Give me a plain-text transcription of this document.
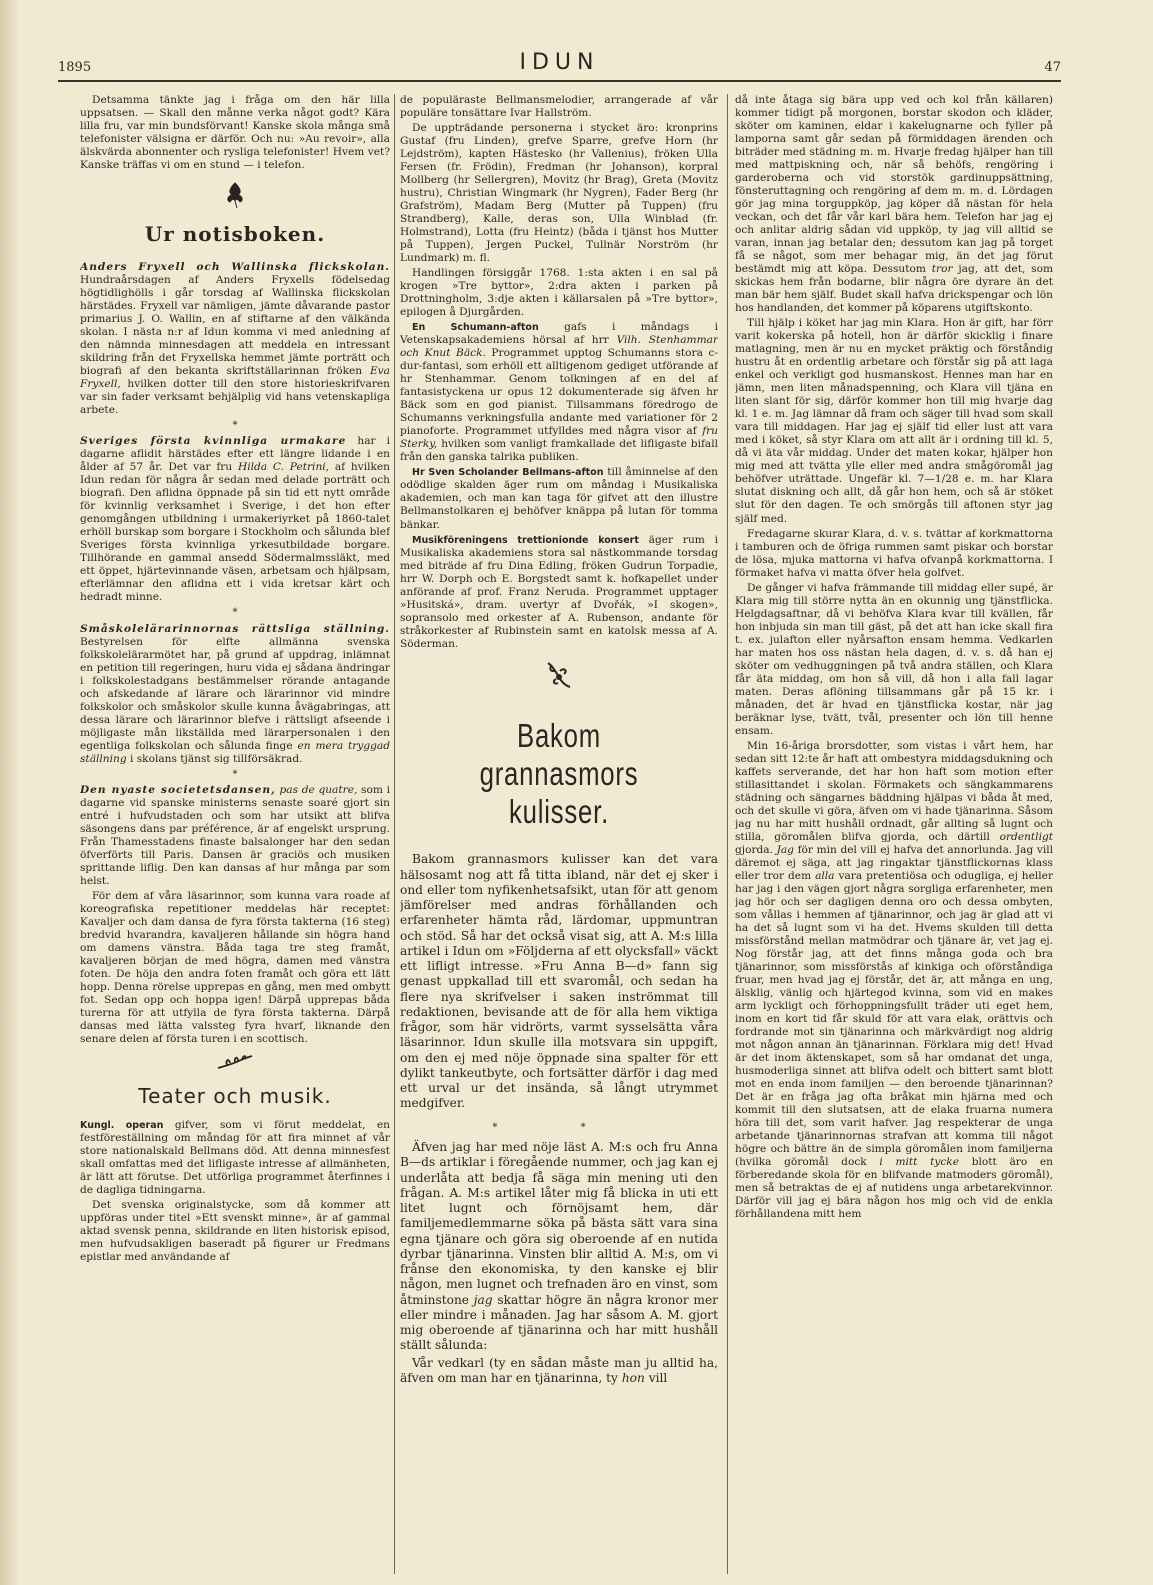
1895	IDUN	47

Detsamma tänkte jag i fråga om den här lilla uppsatsen. — Skall den månne verka något godt? Kära lilla fru, var min bundsförvant! Kanske skola många små telefonister välsigna er därför. Och nu: »Au revoir», alla älskvärda abonnenter och rysliga telefonister! Hvem vet? Kanske träffas vi om en stund — i telefon.

Ur notisboken.

Anders Fryxell och Wallinska flickskolan. Hundraårsdagen af Anders Fryxells födelsedag högtidlighölls i går torsdag af Wallinska flickskolan härstädes. Fryxell var nämligen, jämte dåvarande pastor primarius J. O. Wallin, en af stiftarne af den välkända skolan. I nästa n:r af Idun komma vi med anledning af den nämnda minnesdagen att meddela en intressant skildring från det Fryxellska hemmet jämte porträtt och biografi af den bekanta skriftställarinnan fröken Eva Fryxell, hvilken dotter till den store historieskrifvaren var sin fader verksamt behjälplig vid hans vetenskapliga arbete.

*

Sveriges första kvinnliga urmakare har i dagarne aflidit härstädes efter ett längre lidande i en ålder af 57 år. Det var fru Hilda C. Petrini, af hvilken Idun redan för några år sedan med delade porträtt och biografi. Den aflidna öppnade på sin tid ett nytt område för kvinnlig verksamhet i Sverige, i det hon efter genomgången utbildning i urmakeriyrket på 1860-talet erhöll burskap som borgare i Stockholm och sålunda blef Sveriges första kvinnliga yrkesutbildade borgare. Tillhörande en gammal ansedd Södermalmssläkt, med ett öppet, hjärtevinnande väsen, arbetsam och hjälpsam, efterlämnar den aflidna ett i vida kretsar kärt och hedradt minne.

*

Småskolelärarinnornas rättsliga ställning. Bestyrelsen för elfte allmänna svenska folkskolelärarmötet har, på grund af uppdrag, inlämnat en petition till regeringen, huru vida ej sådana ändringar i folkskolestadgans bestämmelser rörande antagande och afskedande af lärare och lärarinnor vid mindre folkskolor och småskolor skulle kunna åvägabringas, att dessa lärare och lärarinnor blefve i rättsligt afseende i möjligaste mån likställda med lärarpersonalen i den egentliga folkskolan och sålunda finge en mera tryggad ställning i skolans tjänst sig tillförsäkrad.

*

Den nyaste societetsdansen, pas de quatre, som i dagarne vid spanske ministerns senaste soaré gjort sin entré i hufvudstaden och som har utsikt att blifva säsongens dans par préférence, är af engelskt ursprung. Från Thamesstadens finaste balsalonger har den sedan öfverförts till Paris. Dansen är graciös och musiken sprittande liflig. Den kan dansas af hur många par som helst.

För dem af våra läsarinnor, som kunna vara roade af koreografiska repetitioner meddelas här receptet: Kavaljer och dam dansa de fyra första takterna (16 steg) bredvid hvarandra, kavaljeren hållande sin högra hand om damens vänstra. Båda taga tre steg framåt, kavaljeren början de med högra, damen med vänstra foten. De höja den andra foten framåt och göra ett lätt hopp. Denna rörelse upprepas en gång, men med ombytt fot. Sedan opp och hoppa igen! Därpå upprepas båda turerna för att utfylla de fyra första takterna. Därpå dansas med lätta valssteg fyra hvarf, liknande den senare delen af första turen i en scottisch.

Teater och musik.

Kungl. operan gifver, som vi förut meddelat, en festföreställning om måndag för att fira minnet af vår store nationalskald Bellmans död. Att denna minnesfest skall omfattas med det lifligaste intresse af allmänheten, är lätt att förutse. Det utförliga programmet återfinnes i de dagliga tidningarna.

Det svenska originalstycke, som då kommer att uppföras under titel »Ett svenskt minne», är af gammal aktad svensk penna, skildrande en liten historisk episod, men hufvudsakligen baseradt på figurer ur Fredmans epistlar med användande af

de populäraste Bellmansmelodier, arrangerade af vår populäre tonsättare Ivar Hallström.

De uppträdande personerna i stycket äro: kronprins Gustaf (fru Linden), grefve Sparre, grefve Horn (hr Lejdström), kapten Hästesko (hr Vallenius), fröken Ulla Fersen (fr. Frödin), Fredman (hr Johanson), korpral Mollberg (hr Sellergren), Movitz (hr Brag), Greta (Movitz hustru), Christian Wingmark (hr Nygren), Fader Berg (hr Grafström), Madam Berg (Mutter på Tuppen) (fru Strandberg), Kalle, deras son, Ulla Winblad (fr. Holmstrand), Lotta (fru Heintz) (båda i tjänst hos Mutter på Tuppen), Jergen Puckel, Tullnär Norström (hr Lundmark) m. fl.

Handlingen försiggår 1768. 1:sta akten i en sal på krogen »Tre byttor», 2:dra akten i parken på Drottningholm, 3:dje akten i källarsalen på »Tre byttor», epilogen å Djurgården.

En Schumann-afton gafs i måndags i Vetenskapsakademiens hörsal af hrr Vilh. Stenhammar och Knut Bäck. Programmet upptog Schumanns stora c-dur-fantasi, som erhöll ett alltigenom gediget utförande af hr Stenhammar. Genom tolkningen af en del af fantasistyckena ur opus 12 dokumenterade sig äfven hr Bäck som en god pianist. Tillsammans föredrogo de Schumanns verkningsfulla andante med variationer för 2 pianoforte. Programmet utfylldes med några visor af fru Sterky, hvilken som vanligt framkallade det lifligaste bifall från den ganska talrika publiken.

Hr Sven Scholander Bellmans-afton till åminnelse af den odödlige skalden äger rum om måndag i Musikaliska akademien, och man kan taga för gifvet att den illustre Bellmanstolkaren ej behöfver knäppa på lutan för tomma bänkar.

Musikföreningens trettionionde konsert äger rum i Musikaliska akademiens stora sal nästkommande torsdag med biträde af fru Dina Edling, fröken Gudrun Torpadie, hrr W. Dorph och E. Borgstedt samt k. hofkapellet under anförande af prof. Franz Neruda. Programmet upptager »Husitská», dram. uvertyr af Dvořák, »I skogen», sopransolo med orkester af A. Rubenson, andante för stråkorkester af Rubinstein samt en katolsk messa af A. Söderman.

Bakom grannasmors
kulisser.

Bakom grannasmors kulisser kan det vara hälsosamt nog att få titta ibland, när det ej sker i ond eller tom nyfikenhetsafsikt, utan för att genom jämförelser med andras förhållanden och erfarenheter hämta råd, lärdomar, uppmuntran och stöd. Så har det också visat sig, att A. M:s lilla artikel i Idun om »Följderna af ett olycksfall» väckt ett lifligt intresse. »Fru Anna B—d» fann sig genast uppkallad till ett svaromål, och sedan ha flere nya skrifvelser i saken inströmmat till redaktionen, bevisande att de för alla hem viktiga frågor, som här vidrörts, varmt sysselsätta våra läsarinnor. Idun skulle illa motsvara sin uppgift, om den ej med nöje öppnade sina spalter för ett dylikt tankeutbyte, och fortsätter därför i dag med ett urval ur det insända, så långt utrymmet medgifver.

* *

Äfven jag har med nöje läst A. M:s och fru Anna B—ds artiklar i föregående nummer, och jag kan ej underlåta att bedja få säga min mening uti den frågan. A. M:s artikel låter mig få blicka in uti ett litet lugnt och förnöjsamt hem, där familjemedlemmarne söka på bästa sätt vara sina egna tjänare och göra sig oberoende af en nutida dyrbar tjänarinna. Vinsten blir alltid A. M:s, om vi frånse den ekonomiska, ty den kanske ej blir någon, men lugnet och trefnaden äro en vinst, som åtminstone jag skattar högre än några kronor mer eller mindre i månaden. Jag har såsom A. M. gjort mig oberoende af tjänarinna och har mitt hushåll ställt sålunda:

Vår vedkarl (ty en sådan måste man ju alltid ha, äfven om man har en tjänarinna, ty hon vill

då inte åtaga sig bära upp ved och kol från källaren) kommer tidigt på morgonen, borstar skodon och kläder, sköter om kaminen, eldar i kakelugnarne och fyller på lamporna samt går sedan på förmiddagen ärenden och biträder med städning m. m. Hvarje fredag hjälper han till med mattpiskning och, när så behöfs, rengöring i garderoberna och vid storstök gardinuppsättning, fönsteruttagning och rengöring af dem m. m. d. Lördagen gör jag mina torguppköp, jag köper då nästan för hela veckan, och det får vår karl bära hem. Telefon har jag ej och anlitar aldrig sådan vid uppköp, ty jag vill alltid se varan, innan jag betalar den; dessutom kan jag på torget få se något, som mer behagar mig, än det jag förut bestämdt mig att köpa. Dessutom tror jag, att det, som skickas hem från bodarne, blir några öre dyrare än det man bär hem själf. Budet skall hafva drickspengar och lön hos handlanden, det kommer på köparens utgiftskonto.

Till hjälp i köket har jag min Klara. Hon är gift, har förr varit kokerska på hotell, hon är därför skicklig i finare matlagning, men är nu en mycket präktig och förståndig hustru åt en ordentlig arbetare och förstår sig på att laga enkel och verkligt god husmanskost. Hennes man har en jämn, men liten månadspenning, och Klara vill tjäna en liten slant för sig, därför kommer hon till mig hvarje dag kl. 1 e. m. Jag lämnar då fram och säger till hvad som skall vara till middagen. Har jag ej själf tid eller lust att vara med i köket, så styr Klara om att allt är i ordning till kl. 5, då vi äta vår middag. Under det maten kokar, hjälper hon mig med att tvätta ylle eller med andra smågöromål jag behöfver uträttade. Ungefär kl. 7—1/28 e. m. har Klara slutat diskning och allt, då går hon hem, och så är stöket slut för den dagen. Te och smörgås till aftonen styr jag själf med.

Fredagarne skurar Klara, d. v. s. tvättar af korkmattorna i tamburen och de öfriga rummen samt piskar och borstar de lösa, mjuka mattorna vi hafva ofvanpå korkmattorna. I förmaket hafva vi matta öfver hela golfvet.

De gånger vi hafva främmande till middag eller supé, är Klara mig till större nytta än en okunnig ung tjänstflicka. Helgdagsaftnar, då vi behöfva Klara kvar till kvällen, får hon inbjuda sin man till gäst, på det att han icke skall fira t. ex. julafton eller nyårsafton ensam hemma. Vedkarlen har maten hos oss nästan hela dagen, d. v. s. då han ej sköter om vedhuggningen på två andra ställen, och Klara får äta middag, om hon så vill, då hon i alla fall lagar maten. Deras aflöning tillsammans går på 15 kr. i månaden, det är hvad en tjänstflicka kostar, när jag beräknar lyse, tvätt, tvål, presenter och lön till henne ensam.

Min 16-åriga brorsdotter, som vistas i vårt hem, har sedan sitt 12:te år haft att ombestyra middagsdukning och kaffets serverande, det har hon haft som motion efter stillasittandet i skolan. Förmakets och sängkammarens städning och sängarnes bäddning hjälpas vi båda åt med, och det skulle vi göra, äfven om vi hade tjänarinna. Såsom jag nu har mitt hushåll ordnadt, går allting så lugnt och stilla, göromålen blifva gjorda, och därtill ordentligt gjorda. Jag för min del vill ej hafva det annorlunda. Jag vill däremot ej säga, att jag ringaktar tjänstflickornas klass eller tror dem alla vara pretentiösa och odugliga, ej heller har jag i den vägen gjort några sorgliga erfarenheter, men jag hör och ser dagligen denna oro och dessa ombyten, som vållas i hemmen af tjänarinnor, och jag är glad att vi ha det så lugnt som vi ha det. Hvems skulden till detta missförstånd mellan matmödrar och tjänare är, vet jag ej. Nog förstår jag, att det finns många goda och bra tjänarinnor, som missförstås af kinkiga och oförståndiga fruar, men hvad jag ej förstår, det är, att många en ung, älsklig, vänlig och hjärtegod kvinna, som vid en makes arm lyckligt och förhoppningsfullt träder uti eget hem, inom en kort tid får skuld för att vara elak, orättvis och fordrande mot sin tjänarinna och märkvärdigt nog aldrig mot någon annan än tjänarinnan. Förklara mig det! Hvad är det inom äktenskapet, som så har omdanat det unga, husmoderliga sinnet att blifva odelt och bittert samt blott mot en enda inom familjen — den beroende tjänarinnan? Det är en fråga jag ofta bråkat min hjärna med och kommit till den slutsatsen, att de elaka fruarna numera höra till det, som varit hafver. Jag respekterar de unga arbetande tjänarinnornas strafvan att komma till något högre och bättre än de simpla göromålen inom familjerna (hvilka göromål dock i mitt tycke blott äro en förberedande skola för en blifvande matmoders göromål), men så betraktas de ej af nutidens unga arbetarekvinnor. Därför vill jag ej bära någon hos mig och vid de enkla förhållandena mitt hem
